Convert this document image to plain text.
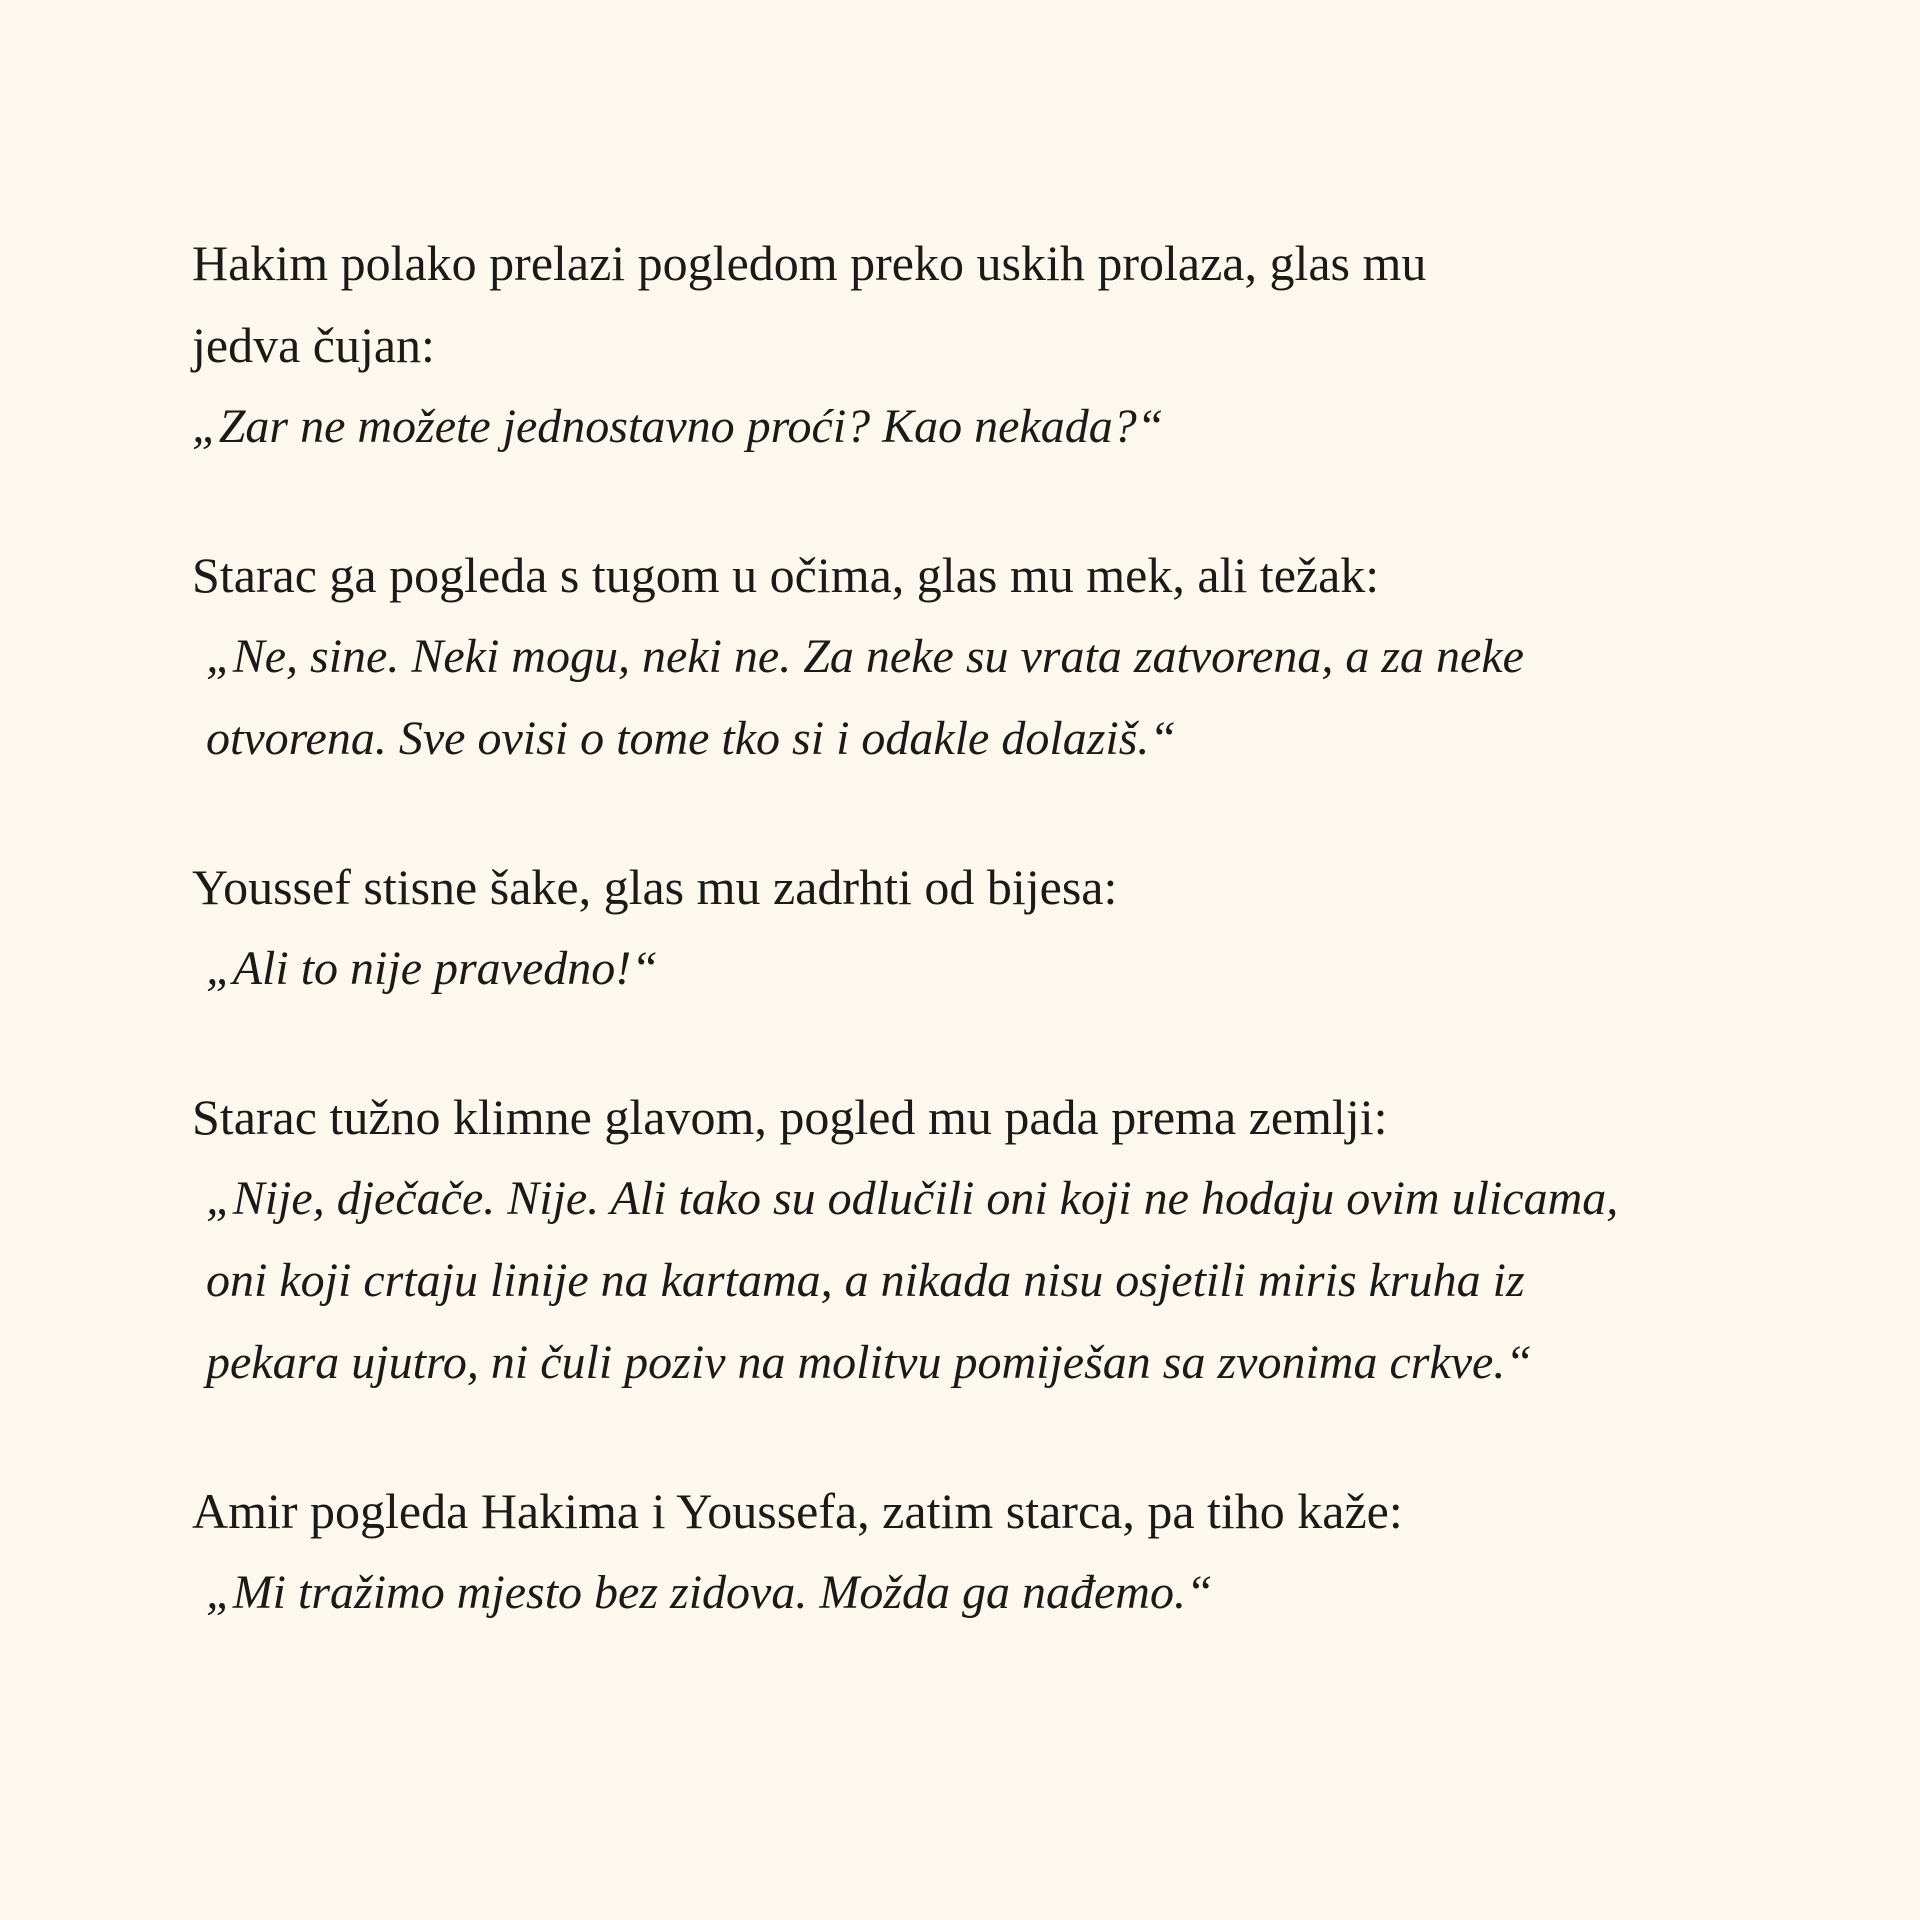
Hakim polako prelazi pogledom preko uskih prolaza, glas mu
jedva čujan:

„Zar ne možete jednostavno proći? Kao nekada?“

Starac ga pogleda s tugom u očima, glas mu mek, ali težak:

„Ne, sine. Neki mogu, neki ne. Za neke su vrata zatvorena, a za neke
otvorena. Sve ovisi o tome tko si i odakle dolaziš.“

Youssef stisne šake, glas mu zadrhti od bijesa:

„Ali to nije pravedno!“

Starac tužno klimne glavom, pogled mu pada prema zemlji:

„Nije, dječače. Nije. Ali tako su odlučili oni koji ne hodaju ovim ulicama,
oni koji crtaju linije na kartama, a nikada nisu osjetili miris kruha iz
pekara ujutro, ni čuli poziv na molitvu pomiješan sa zvonima crkve.“

Amir pogleda Hakima i Youssefa, zatim starca, pa tiho kaže:

„Mi tražimo mjesto bez zidova. Možda ga nađemo.“
